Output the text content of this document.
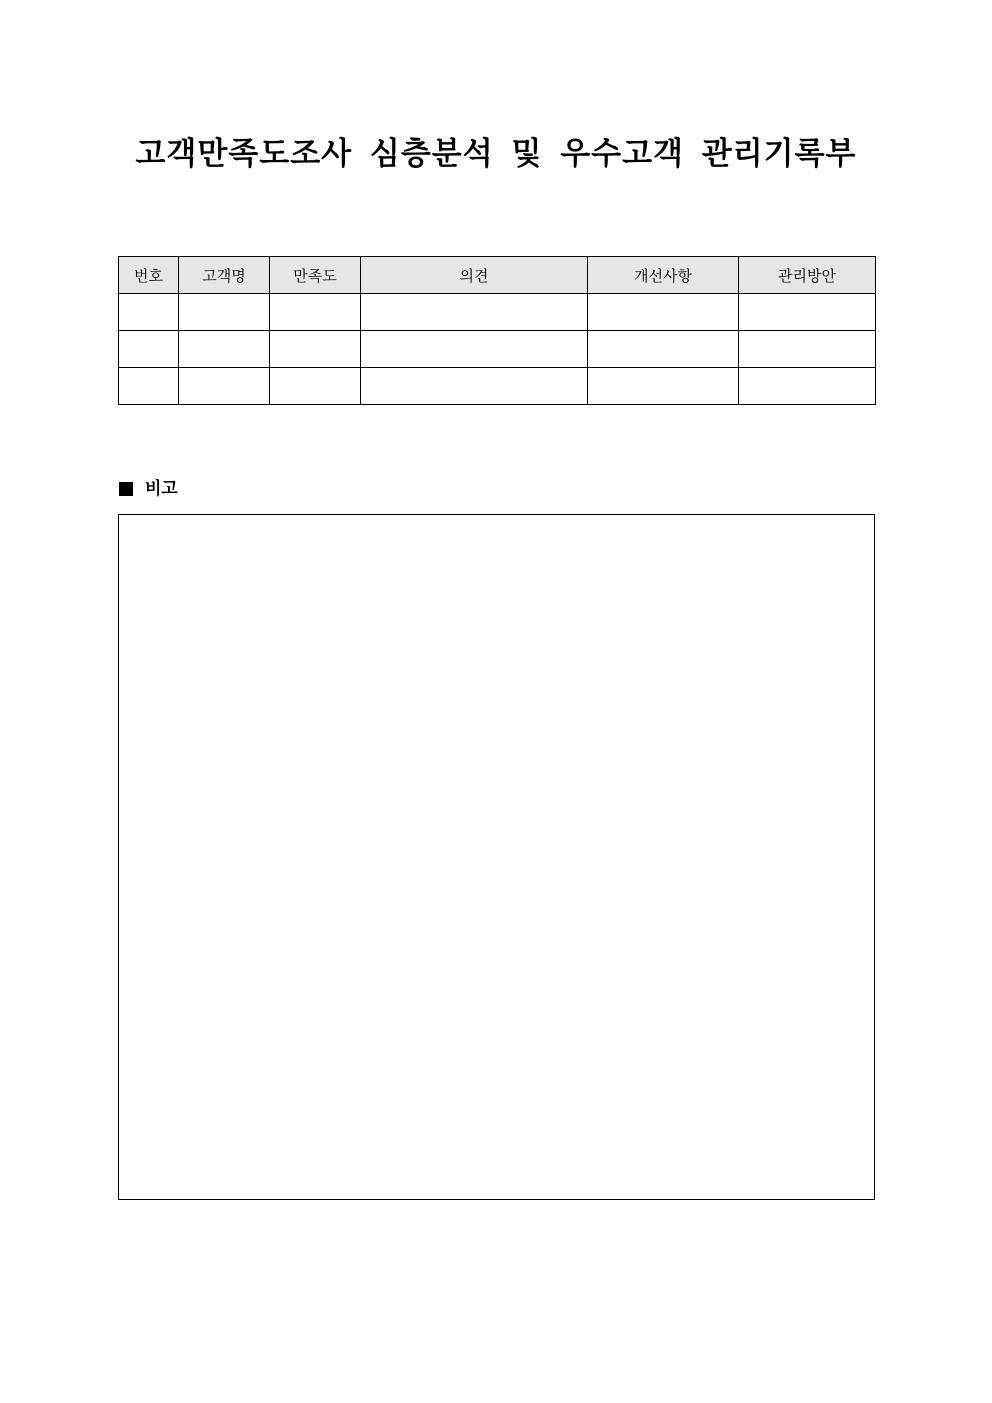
고객만족도조사 심층분석 및 우수고객 관리기록부
번호	고객명	만족도	의견	개선사항	관리방안

비고
